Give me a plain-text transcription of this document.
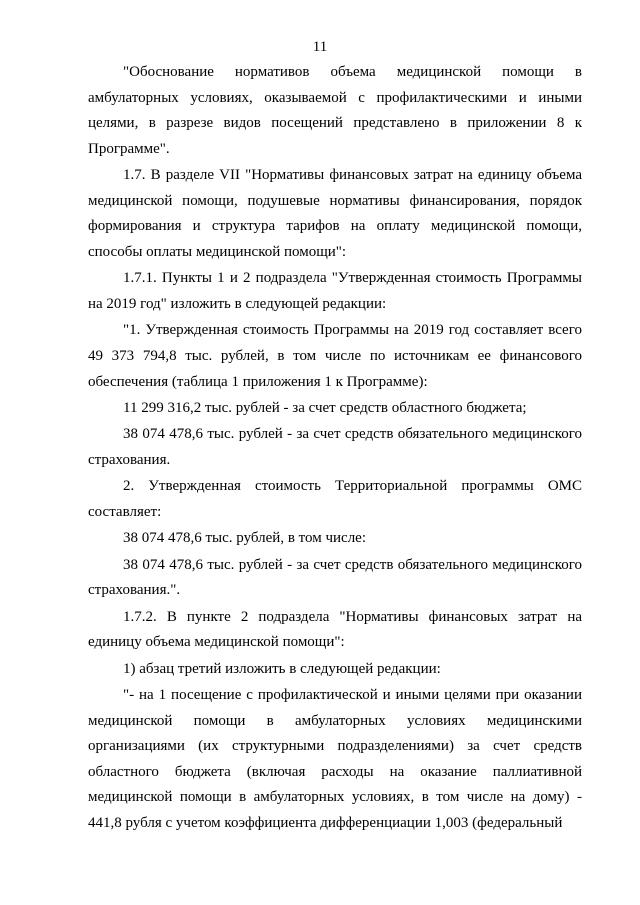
11

"Обоснование нормативов объема медицинской помощи в амбулаторных условиях, оказываемой с профилактическими и иными целями, в разрезе видов посещений представлено в приложении 8 к Программе".

1.7. В разделе VII "Нормативы финансовых затрат на единицу объема медицинской помощи, подушевые нормативы финансирования, порядок формирования и структура тарифов на оплату медицинской помощи, способы оплаты медицинской помощи":

1.7.1. Пункты 1 и 2 подраздела "Утвержденная стоимость Программы на 2019 год" изложить в следующей редакции:

"1. Утвержденная стоимость Программы на 2019 год составляет всего 49 373 794,8 тыс. рублей, в том числе по источникам ее финансового обеспечения (таблица 1 приложения 1 к Программе):

11 299 316,2 тыс. рублей - за счет средств областного бюджета;

38 074 478,6 тыс. рублей - за счет средств обязательного медицинского страхования.

2. Утвержденная стоимость Территориальной программы ОМС составляет:

38 074 478,6 тыс. рублей, в том числе:

38 074 478,6 тыс. рублей - за счет средств обязательного медицинского страхования.".

1.7.2. В пункте 2 подраздела "Нормативы финансовых затрат на единицу объема медицинской помощи":

1) абзац третий изложить в следующей редакции:

"- на 1 посещение с профилактической и иными целями при оказании медицинской помощи в амбулаторных условиях медицинскими организациями (их структурными подразделениями) за счет средств областного бюджета (включая расходы на оказание паллиативной медицинской помощи в амбулаторных условиях, в том числе на дому) - 441,8 рубля с учетом коэффициента дифференциации 1,003 (федеральный
